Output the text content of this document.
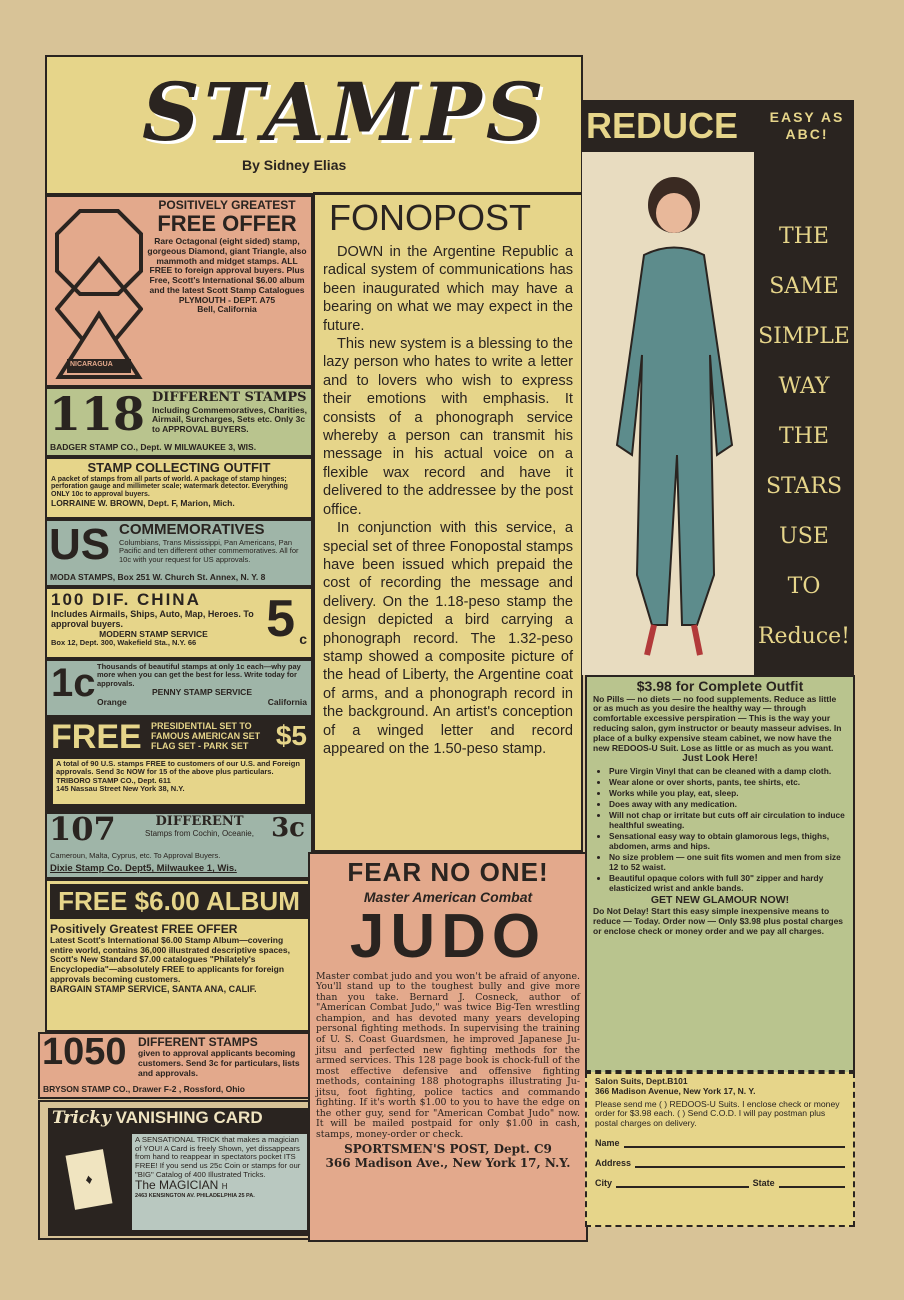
STAMPS
By Sidney Elias
NICARAGUA

POSITIVELY GREATEST

FREE OFFER

Rare Octagonal (eight sided) stamp, gorgeous Diamond, giant Triangle, also mammoth and midget stamps. ALL FREE to foreign approval buyers. Plus Free, Scott's International $6.00 album and the latest Scott Stamp Catalogues

PLYMOUTH - DEPT. A75

Bell, California

118 DIFFERENT STAMPS

Including Commemoratives, Charities, Airmail, Surcharges, Sets etc. Only 3c to APPROVAL BUYERS.

BADGER STAMP CO., Dept. W MILWAUKEE 3, WIS.

STAMP COLLECTING OUTFIT

A packet of stamps from all parts of world. A package of stamp hinges; perforation gauge and millimeter scale; watermark detector. Everything ONLY 10c to approval buyers.

LORRAINE W. BROWN, Dept. F, Marion, Mich.

US COMMEMORATIVES

Columbians, Trans Mississippi, Pan Americans, Pan Pacific and ten different other commemoratives. All for 10c with your request for US approvals.

MODA STAMPS, Box 251 W. Church St. Annex, N. Y. 8

100 DIF. CHINA

Includes Airmails, Ships, Auto, Map, Heroes. To approval buyers.

MODERN STAMP SERVICE

Box 12, Dept. 300, Wakefield Sta., N.Y. 66	5 c
1c Thousands of beautiful stamps at only 1c each—why pay more when you can get the best for less. Write today for approvals.

PENNY STAMP SERVICE

Orange	California

FREE PRESIDENTIAL SET TO
FAMOUS AMERICAN SET
FLAG SET - PARK SET $5

A total of 90 U.S. stamps FREE to customers of our U.S. and Foreign approvals. Send 3c NOW for 15 of the above plus particulars. TRIBORO STAMP CO., Dept. 611

145 Nassau Street New York 38, N.Y.

107	DIFFERENT

Stamps from Cochin, Oceanie, 3c

Cameroun, Malta, Cyprus, etc. To Approval Buyers.

Dixie Stamp Co. Dept5, Milwaukee 1, Wis.

FREE $6.00 ALBUM

Positively Greatest FREE OFFER

Latest Scott's International $6.00 Stamp Album—covering entire world, contains 36,000 illustrated descriptive spaces, Scott's New Standard $7.00 catalogues "Philately's Encyclopedia"—absolutely FREE to applicants for foreign approvals becoming customers.

BARGAIN STAMP SERVICE, SANTA ANA, CALIF.

1050 DIFFERENT STAMPS

given to approval applicants becoming customers. Send 3c for particulars, lists and approvals.

BRYSON STAMP CO., Drawer F-2 , Rossford, Ohio

Tricky VANISHING CARD
♦

A SENSATIONAL TRICK that makes a magician of YOU! A Card is freely Shown, yet dissappears from hand to reappear in spectators pocket ITS FREE! If you send us 25c Coin or stamps for our "BIG" Catalog of 400 Illustrated Tricks.

The MAGICIAN H

2463 KENSINGTON AV. PHILADELPHIA 25 PA.

FONOPOST

DOWN in the Argentine Republic a radical system of communications has been inaugurated which may have a bearing on what we may expect in the future.

This new system is a blessing to the lazy person who hates to write a letter and to lovers who wish to express their emotions with emphasis. It consists of a phonograph service whereby a person can transmit his message in his actual voice on a flexible wax record and have it delivered to the addressee by the post office.

In conjunction with this service, a special set of three Fonopostal stamps have been issued which prepaid the cost of recording the message and delivery. On the 1.18-peso stamp the design depicted a bird carrying a phonograph record. The 1.32-peso stamp showed a composite picture of the head of Liberty, the Argentine coat of arms, and a phonograph record in the background. An artist's conception of a winged letter and record appeared on the 1.50-peso stamp.

FEAR NO ONE!

Master American Combat

JUDO

Master combat judo and you won't be afraid of anyone. You'll stand up to the toughest bully and give more than you take. Bernard J. Cosneck, author of "American Combat Judo," was twice Big-Ten wrestling champion, and has devoted many years developing personal fighting methods. In supervising the training of U. S. Coast Guardsmen, he improved Japanese Ju-jitsu and perfected new fighting methods for the armed services. This 128 page book is chock-full of the most effective defensive and offensive fighting methods, containing 188 photographs illustrating Ju-jitsu, foot fighting, police tactics and commando fighting. If it's worth $1.00 to you to have the edge on the other guy, send for "American Combat Judo" now. It will be mailed postpaid for only $1.00 in cash, stamps, money-order or check.

SPORTSMEN'S POST, Dept. C9

366 Madison Ave., New York 17, N.Y.

REDUCE EASY AS ABC!
THE
SAME
SIMPLE
WAY
THE
STARS
USE
TO
Reduce!

$3.98 for Complete Outfit

No Pills — no diets — no food supplements. Reduce as little or as much as you desire the healthy way — through comfortable excessive perspiration — This is the way your reducing salon, gym instructor or beauty masseur advises. In place of a bulky expensive steam cabinet, we now have the new REDOOS-U Suit. Lose as little or as much as you want.

Just Look Here!

• Pure Virgin Vinyl that can be cleaned with a damp cloth.
• Wear alone or over shorts, pants, tee shirts, etc.
• Works while you play, eat, sleep.
• Does away with any medication.
• Will not chap or irritate but cuts off air circulation to induce healthful sweating.
• Sensational easy way to obtain glamorous legs, thighs, abdomen, arms and hips.
• No size problem — one suit fits women and men from size 12 to 52 waist.
• Beautiful opaque colors with full 30" zipper and hardy elasticized wrist and ankle bands.

GET NEW GLAMOUR NOW!

Do Not Delay! Start this easy simple inexpensive means to reduce — Today. Order now — Only $3.98 plus postal charges or enclose check or money order and we pay all charges.

Salon Suits, Dept.B101

366 Madison Avenue, New York 17, N. Y.

Please send me ( ) REDOOS-U Suits. I enclose check or money order for $3.98 each. ( ) Send C.O.D. I will pay postman plus postal charges on delivery.

Name
Address
City	State
